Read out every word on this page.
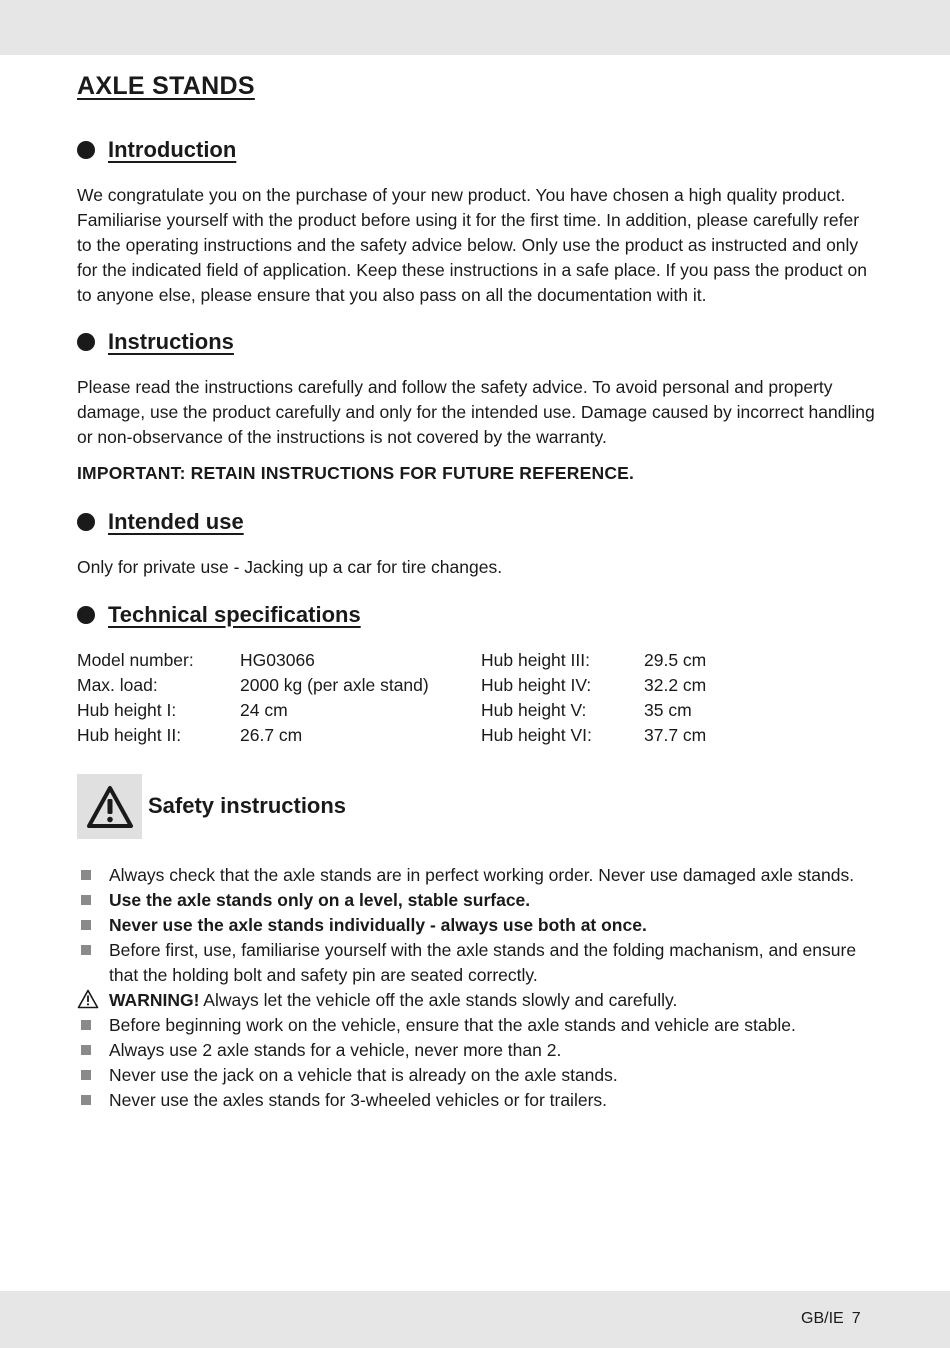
AXLE STANDS
Introduction

We congratulate you on the purchase of your new product. You have chosen a high quality product. Familiarise yourself with the product before using it for the first time. In addition, please carefully refer to the operating instructions and the safety advice below. Only use the product as instructed and only for the indicated field of application. Keep these instructions in a safe place. If you pass the product on to anyone else, please ensure that you also pass on all the documentation with it.

Instructions

Please read the instructions carefully and follow the safety advice. To avoid personal and property damage, use the product carefully and only for the intended use. Damage caused by incorrect handling or non-observance of the instructions is not covered by the warranty.

IMPORTANT: RETAIN INSTRUCTIONS FOR FUTURE REFERENCE.

Intended use

Only for private use - Jacking up a car for tire changes.

Technical specifications
Model number:	HG03066
Max. load:	2000 kg (per axle stand)
Hub height I:	24 cm
Hub height II:	26.7 cm
Hub height III:	29.5 cm
Hub height IV:	32.2 cm
Hub height V:	35 cm
Hub height VI:	37.7 cm
Safety instructions
Always check that the axle stands are in perfect working order. Never use damaged axle stands.
Use the axle stands only on a level, stable surface.
Never use the axle stands individually - always use both at once.
Before first, use, familiarise yourself with the axle stands and the folding machanism, and ensure that the holding bolt and safety pin are seated correctly.
WARNING! Always let the vehicle off the axle stands slowly and carefully.
Before beginning work on the vehicle, ensure that the axle stands and vehicle are stable.
Always use 2 axle stands for a vehicle, never more than 2.
Never use the jack on a vehicle that is already on the axle stands.
Never use the axles stands for 3-wheeled vehicles or for trailers.
GB/IE 7
